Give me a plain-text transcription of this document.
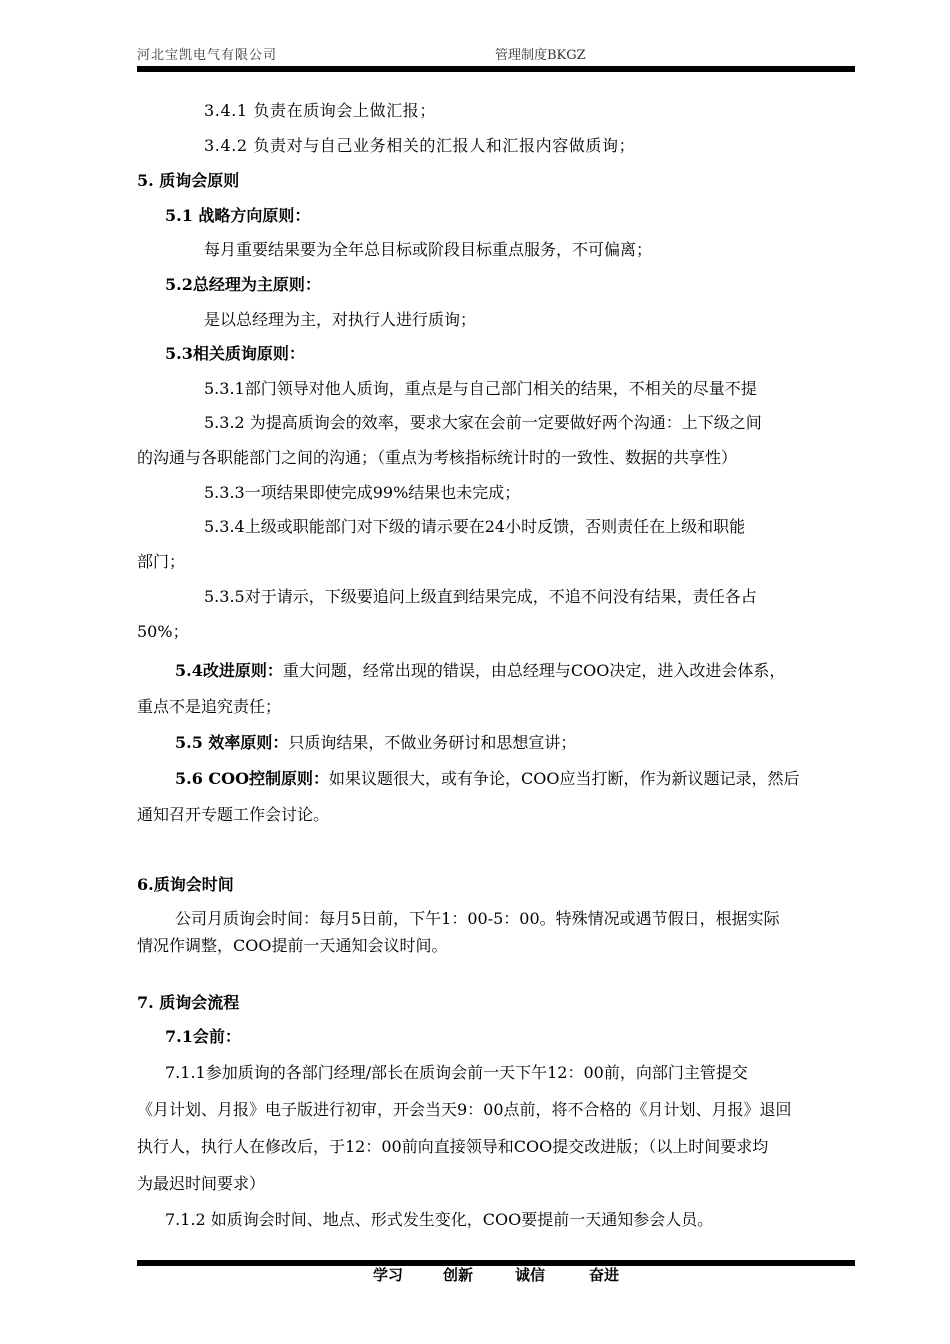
河北宝凯电气有限公司	管理制度BKGZ
3.4.1 负责在质询会上做汇报；
3.4.2 负责对与自己业务相关的汇报人和汇报内容做质询；
5. 质询会原则
5.1 战略方向原则：
每月重要结果要为全年总目标或阶段目标重点服务，不可偏离；
5.2总经理为主原则：
是以总经理为主，对执行人进行质询；
5.3相关质询原则：
5.3.1部门领导对他人质询，重点是与自己部门相关的结果，不相关的尽量不提
5.3.2 为提高质询会的效率，要求大家在会前一定要做好两个沟通：上下级之间
的沟通与各职能部门之间的沟通；（重点为考核指标统计时的一致性、数据的共享性）
5.3.3一项结果即使完成99%结果也未完成；
5.3.4上级或职能部门对下级的请示要在24小时反馈，否则责任在上级和职能
部门；
5.3.5对于请示，下级要追问上级直到结果完成，不追不问没有结果，责任各占
50%；
5.4改进原则：重大问题，经常出现的错误，由总经理与COO决定，进入改进会体系，
重点不是追究责任；
5.5 效率原则：只质询结果，不做业务研讨和思想宣讲；
5.6 COO控制原则：如果议题很大，或有争论，COO应当打断，作为新议题记录，然后
通知召开专题工作会讨论。
6.质询会时间
公司月质询会时间：每月5日前，下午1：00-5：00。特殊情况或遇节假日，根据实际
情况作调整，COO提前一天通知会议时间。
7. 质询会流程
7.1会前：
7.1.1参加质询的各部门经理/部长在质询会前一天下午12：00前，向部门主管提交
《月计划、月报》电子版进行初审，开会当天9：00点前，将不合格的《月计划、月报》退回
执行人，执行人在修改后，于12：00前向直接领导和COO提交改进版；（以上时间要求均
为最迟时间要求）
7.1.2 如质询会时间、地点、形式发生变化，COO要提前一天通知参会人员。
学习	创新	诚信	奋进
